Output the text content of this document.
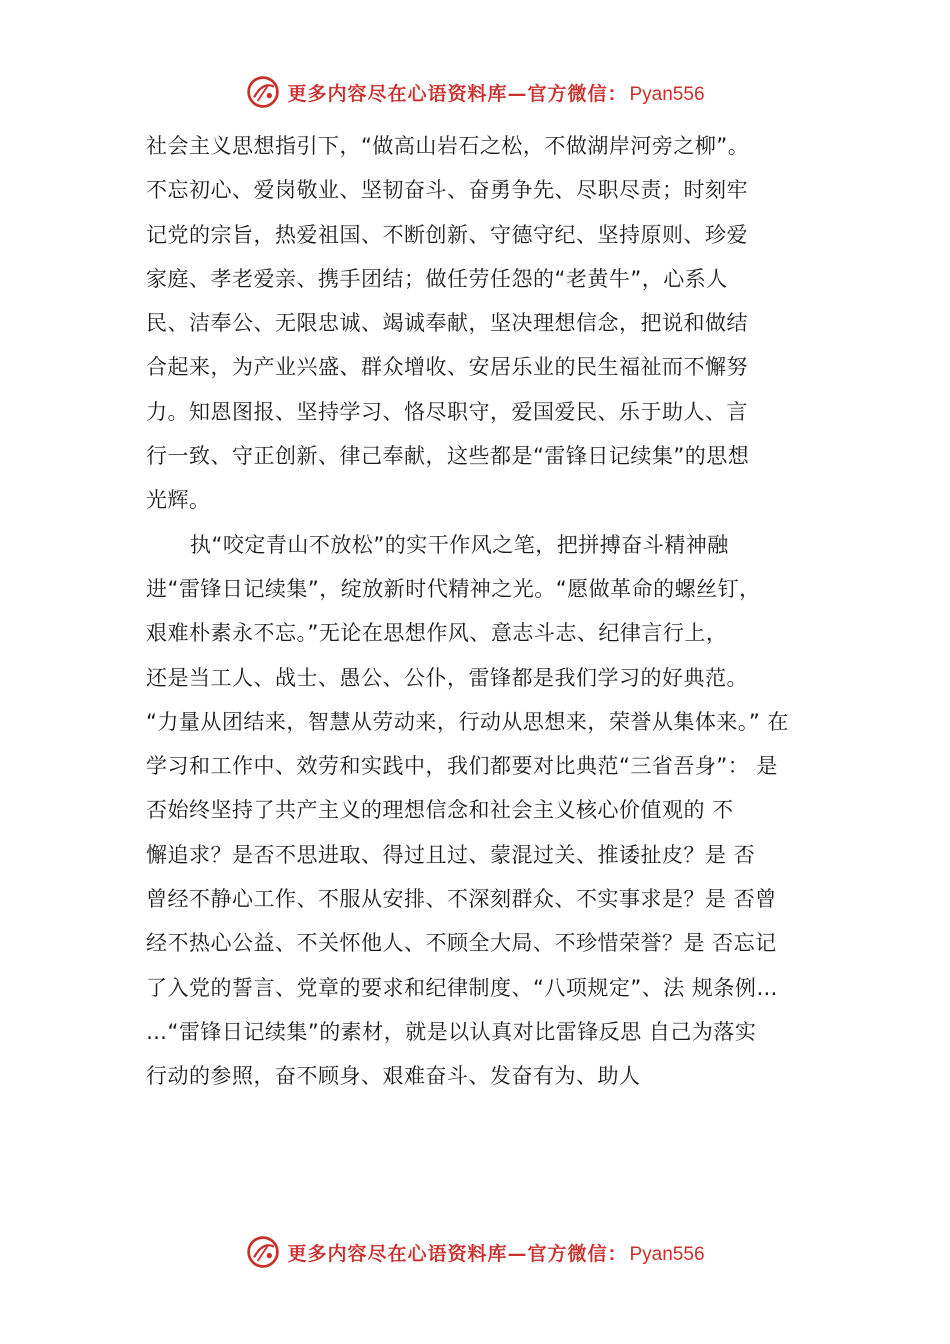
更多内容尽在心语资料库—官方微信： Pyan556
社会主义思想指引下，“做高山岩石之松，不做湖岸河旁之柳”。
不忘初心、爱岗敬业、坚韧奋斗、奋勇争先、尽职尽责；时刻牢
记党的宗旨，热爱祖国、不断创新、守德守纪、坚持原则、珍爱
家庭、孝老爱亲、携手团结；做任劳任怨的“老黄牛”，心系人
民、洁奉公、无限忠诚、竭诚奉献，坚决理想信念，把说和做结
合起来，为产业兴盛、群众增收、安居乐业的民生福祉而不懈努
力。知恩图报、坚持学习、恪尽职守，爱国爱民、乐于助人、言
行一致、守正创新、律己奉献，这些都是“雷锋日记续集”的思想
光辉。
执“咬定青山不放松”的实干作风之笔，把拼搏奋斗精神融
进“雷锋日记续集”，绽放新时代精神之光。“愿做革命的螺丝钉，
艰难朴素永不忘。”无论在思想作风、意志斗志、纪律言行上，
还是当工人、战士、愚公、公仆，雷锋都是我们学习的好典范。
“力量从团结来，智慧从劳动来，行动从思想来，荣誉从集体来。” 在
学习和工作中、效劳和实践中，我们都要对比典范“三省吾身”： 是
否始终坚持了共产主义的理想信念和社会主义核心价值观的 不
懈追求？是否不思进取、得过且过、蒙混过关、推诿扯皮？是 否
曾经不静心工作、不服从安排、不深刻群众、不实事求是？是 否曾
经不热心公益、不关怀他人、不顾全大局、不珍惜荣誉？是 否忘记
了入党的誓言、党章的要求和纪律制度、“八项规定”、法 规条例…
…“雷锋日记续集”的素材，就是以认真对比雷锋反思 自己为落实
行动的参照，奋不顾身、艰难奋斗、发奋有为、助人
更多内容尽在心语资料库—官方微信： Pyan556
